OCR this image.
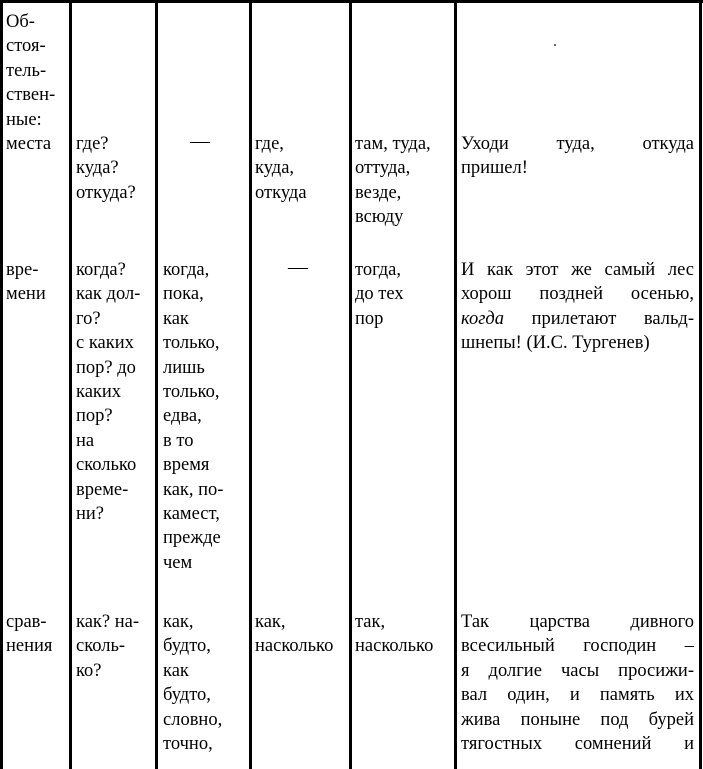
Об-
стоя-
тель-
ствен-
ные:
места где?
куда?
откуда?
— где,
куда,
откуда
там, туда,
оттуда,
везде,
всюду
Уходи туда, откуда
пришел!
вре-
мени
когда?
как дол-
го?
с каких
пор? до
каких
пор?
на
сколько
време-
ни?
когда,
пока,
как
только,
лишь
только,
едва,
в то
время
как, по-
камест,
прежде
чем
—	тогда,
до тех
пор
И как этот же самый лес
хорош поздней осенью,
когда прилетают вальд-
шнепы! (И.С. Тургенев)
срав-
нения
как? на-
сколь-
ко?
как,
будто,
как
будто,
словно,
точно,
как,
насколько
так,
насколько
Так царства дивного
всесильный господин –
я долгие часы просижи-
вал один, и память их
жива поныне под бурей
тягостных сомнений и
